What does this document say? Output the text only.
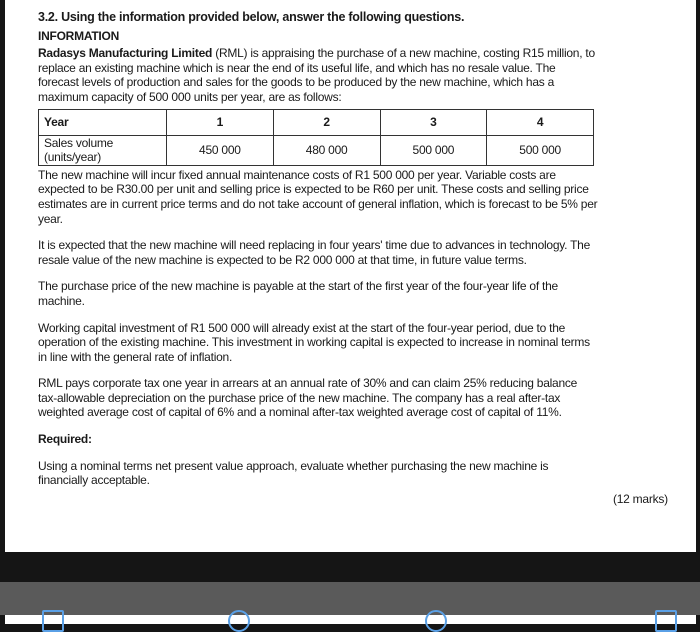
3.2. Using the information provided below, answer the following questions.
INFORMATION

Radasys Manufacturing Limited (RML) is appraising the purchase of a new machine, costing R15 million, to replace an existing machine which is near the end of its useful life, and which has no resale value. The forecast levels of production and sales for the goods to be produced by the new machine, which has a maximum capacity of 500 000 units per year, are as follows:

Year	1	2	3	4
Sales volume (units/year)	450 000	480 000	500 000	500 000

The new machine will incur fixed annual maintenance costs of R1 500 000 per year. Variable costs are expected to be R30.00 per unit and selling price is expected to be R60 per unit. These costs and selling price estimates are in current price terms and do not take account of general inflation, which is forecast to be 5% per year.

It is expected that the new machine will need replacing in four years' time due to advances in technology. The resale value of the new machine is expected to be R2 000 000 at that time, in future value terms.

The purchase price of the new machine is payable at the start of the first year of the four-year life of the machine.

Working capital investment of R1 500 000 will already exist at the start of the four-year period, due to the operation of the existing machine. This investment in working capital is expected to increase in nominal terms in line with the general rate of inflation.

RML pays corporate tax one year in arrears at an annual rate of 30% and can claim 25% reducing balance tax-allowable depreciation on the purchase price of the new machine. The company has a real after-tax weighted average cost of capital of 6% and a nominal after-tax weighted average cost of capital of 11%.

Required:

Using a nominal terms net present value approach, evaluate whether purchasing the new machine is financially acceptable.

(12 marks)
